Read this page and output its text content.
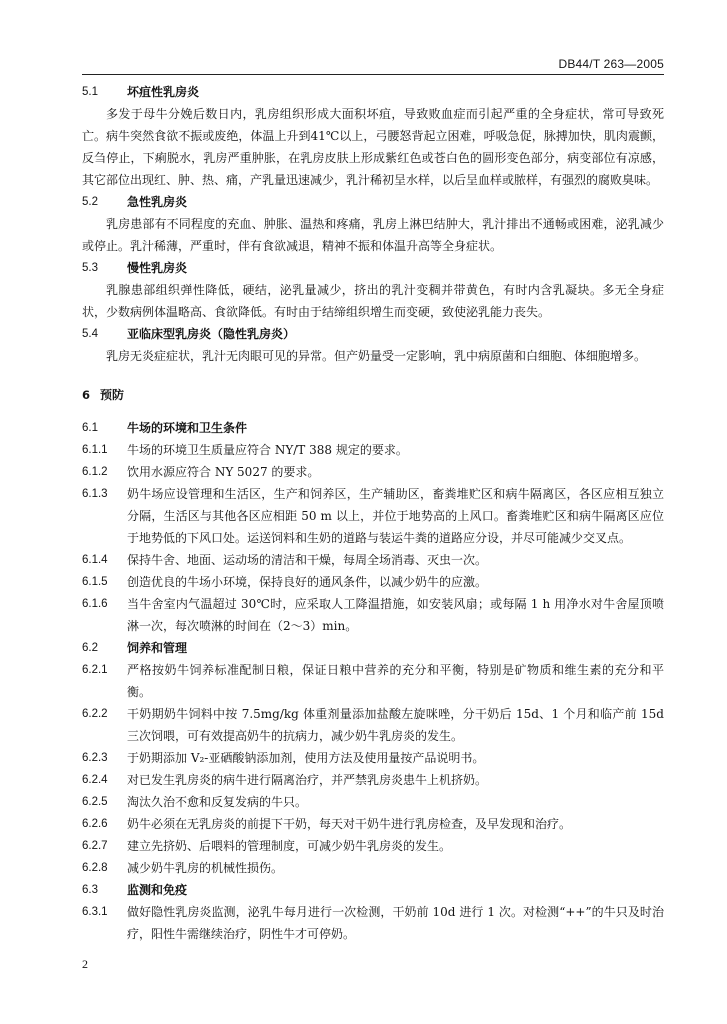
DB44/T 263—2005
5.1	坏疽性乳房炎
多发于母牛分娩后数日内，乳房组织形成大面积坏疽，导致败血症而引起严重的全身症状，常可导致死亡。病牛突然食欲不振或废绝，体温上升到41℃以上，弓腰怒背起立困难，呼吸急促，脉搏加快，肌肉震颤，反刍停止，下痢脱水，乳房严重肿胀，在乳房皮肤上形成紫红色或苍白色的圆形变色部分，病变部位有凉感，其它部位出现红、肿、热、痛，产乳量迅速减少，乳汁稀初呈水样，以后呈血样或脓样，有强烈的腐败臭味。
5.2	急性乳房炎
乳房患部有不同程度的充血、肿胀、温热和疼痛，乳房上淋巴结肿大，乳汁排出不通畅或困难，泌乳减少或停止。乳汁稀薄，严重时，伴有食欲减退，精神不振和体温升高等全身症状。
5.3	慢性乳房炎
乳腺患部组织弹性降低，硬结，泌乳量减少，挤出的乳汁变稠并带黄色，有时内含乳凝块。多无全身症状，少数病例体温略高、食欲降低。有时由于结缔组织增生而变硬，致使泌乳能力丧失。
5.4	亚临床型乳房炎（隐性乳房炎）
乳房无炎症症状，乳汁无肉眼可见的异常。但产奶量受一定影响，乳中病原菌和白细胞、体细胞增多。
6 预防
6.1	牛场的环境和卫生条件
6.1.1	牛场的环境卫生质量应符合 NY/T 388 规定的要求。
6.1.2	饮用水源应符合 NY 5027 的要求。
6.1.3	奶牛场应设管理和生活区，生产和饲养区，生产辅助区，畜粪堆贮区和病牛隔离区，各区应相互独立分隔，生活区与其他各区应相距 50 m 以上，并位于地势高的上风口。畜粪堆贮区和病牛隔离区应位于地势低的下风口处。运送饲料和生奶的道路与装运牛粪的道路应分设，并尽可能减少交叉点。
6.1.4	保持牛舍、地面、运动场的清洁和干燥，每周全场消毒、灭虫一次。
6.1.5	创造优良的牛场小环境，保持良好的通风条件，以减少奶牛的应激。
6.1.6	当牛舍室内气温超过 30℃时，应采取人工降温措施，如安装风扇；或每隔 1 h 用净水对牛舍屋顶喷淋一次，每次喷淋的时间在（2～3）min。
6.2	饲养和管理
6.2.1	严格按奶牛饲养标准配制日粮，保证日粮中营养的充分和平衡，特别是矿物质和维生素的充分和平衡。
6.2.2	干奶期奶牛饲料中按 7.5mg/kg 体重剂量添加盐酸左旋咪唑，分干奶后 15d、1 个月和临产前 15d 三次饲喂，可有效提高奶牛的抗病力，减少奶牛乳房炎的发生。
6.2.3	于奶期添加 V₂-亚硒酸钠添加剂，使用方法及使用量按产品说明书。
6.2.4	对已发生乳房炎的病牛进行隔离治疗，并严禁乳房炎患牛上机挤奶。
6.2.5	淘汰久治不愈和反复发病的牛只。
6.2.6	奶牛必须在无乳房炎的前提下干奶，每天对干奶牛进行乳房检查，及早发现和治疗。
6.2.7	建立先挤奶、后喂料的管理制度，可减少奶牛乳房炎的发生。
6.2.8	减少奶牛乳房的机械性损伤。
6.3	监测和免疫
6.3.1	做好隐性乳房炎监测，泌乳牛每月进行一次检测，干奶前 10d 进行 1 次。对检测“++”的牛只及时治疗，阳性牛需继续治疗，阴性牛才可停奶。
2
